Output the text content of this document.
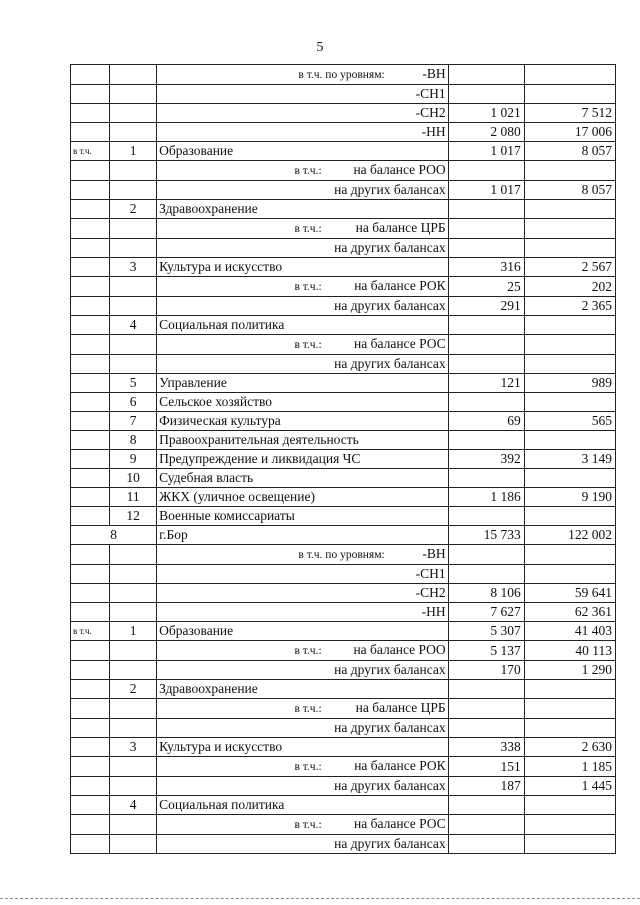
5

		в т.ч. по уровням: -ВН		

		-СН1		

		-СН2	1 021	7 512

		-НН	2 080	17 006
в т.ч.	1	Образование	1 017	8 057

		в т.ч.: на балансе РОО		

		на других балансах	1 017	8 057
	2	Здравоохранение		

		в т.ч.: на балансе ЦРБ		

		на других балансах		

	3	Культура и искусство	316	2 567

		в т.ч.: на балансе РОК	25	202

		на других балансах	291	2 365
	4	Социальная политика		

		в т.ч.: на балансе РОС		

		на других балансах		

	5	Управление	121	989
	6	Сельское хозяйство		
	7	Физическая культура	69	565
	8	Правоохранительная деятельность		
	9	Предупреждение и ликвидация ЧС	392	3 149
	10	Судебная власть		
	11	ЖКХ (уличное освещение)	1 186	9 190
	12	Военные комиссариаты		
8		г.Бор	15 733	122 002

		в т.ч. по уровням: -ВН		

		-СН1		

		-СН2	8 106	59 641

		-НН	7 627	62 361
в т.ч.	1	Образование	5 307	41 403

		в т.ч.: на балансе РОО	5 137	40 113

		на других балансах	170	1 290
	2	Здравоохранение		

		в т.ч.: на балансе ЦРБ		

		на других балансах		

	3	Культура и искусство	338	2 630

		в т.ч.: на балансе РОК	151	1 185

		на других балансах	187	1 445
	4	Социальная политика		

		в т.ч.: на балансе РОС		

		на других балансах		
